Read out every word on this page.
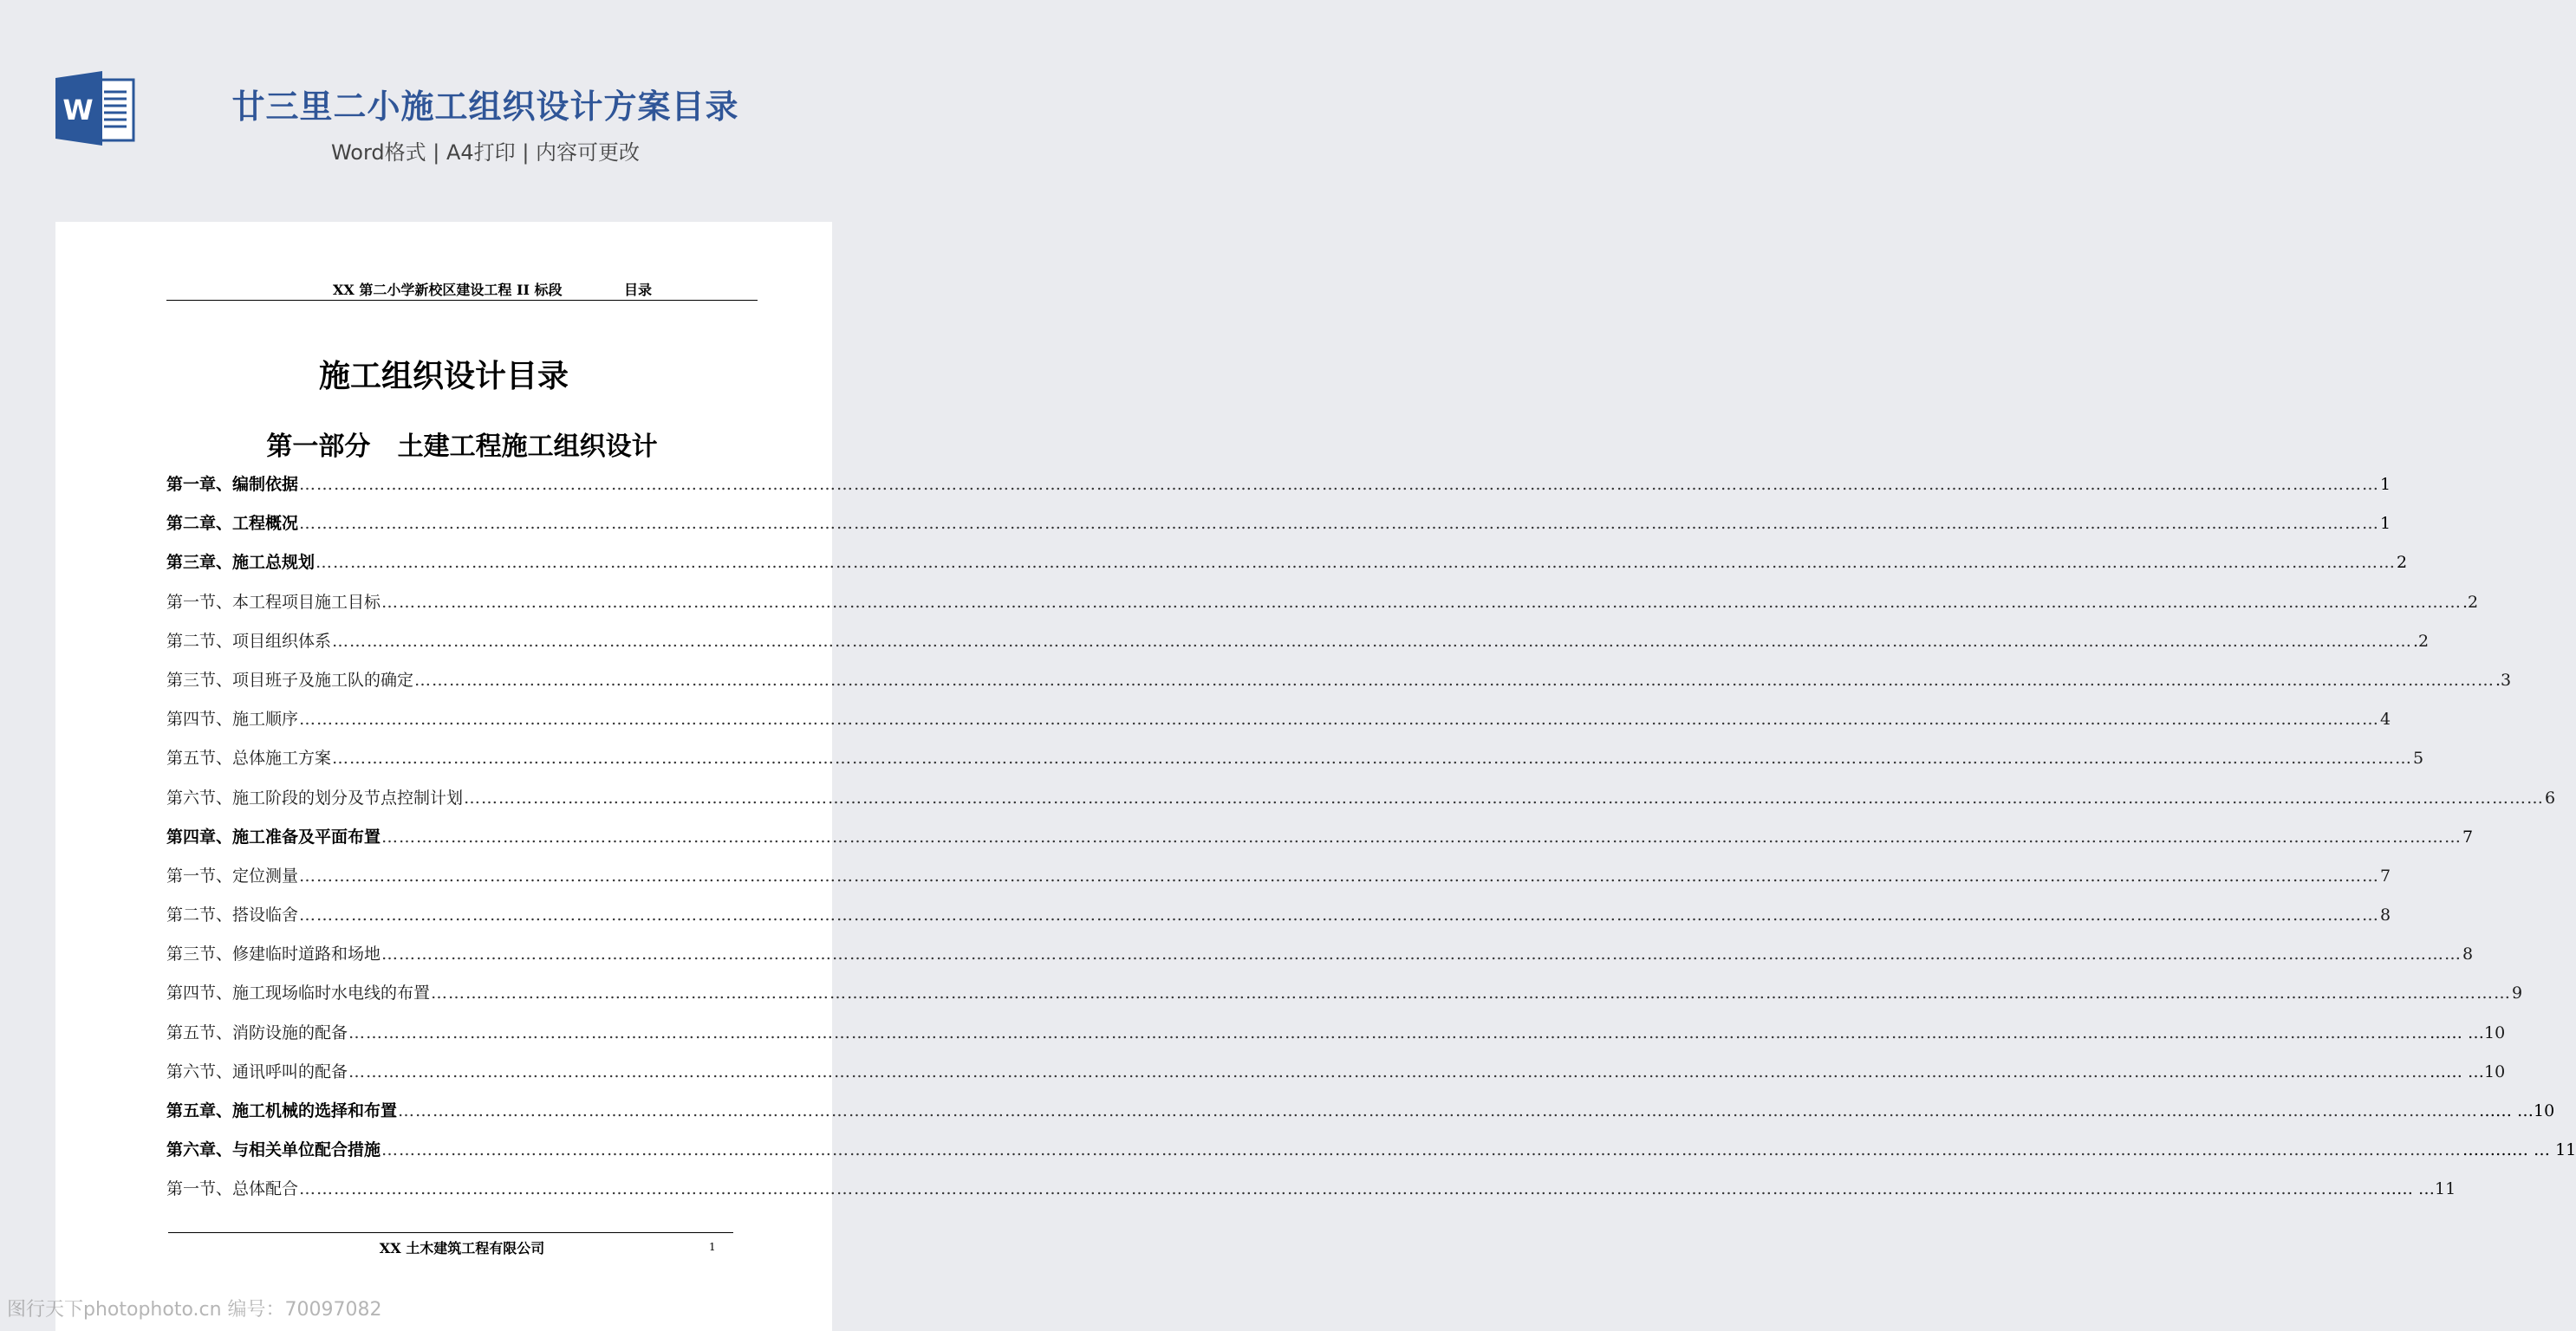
W	廿三里二小施工组织设计方案目录
Word格式 | A4打印 | 内容可更改
XX 第二小学新校区建设工程 II 标段	目录
施工组织设计目录
第一部分   土建工程施工组织设计
第一章、编制依据 ……………………………………………………………………………………………………………………………………………………………………………………………………………………………………………………………………………………………………………………………… 1
第二章、工程概况 ……………………………………………………………………………………………………………………………………………………………………………………………………………………………………………………………………………………………………………………………… 1
第三章、施工总规划 ……………………………………………………………………………………………………………………………………………………………………………………………………………………………………………………………………………………………………………………………… 2
第一节、本工程项目施工目标 ……………………………………………………………………………………………………………………………………………………………………………………………………………………………………………………………………………………………………………………………… .2
第二节、项目组织体系 ……………………………………………………………………………………………………………………………………………………………………………………………………………………………………………………………………………………………………………………………… .2
第三节、项目班子及施工队的确定 ……………………………………………………………………………………………………………………………………………………………………………………………………………………………………………………………………………………………………………………………… .3
第四节、施工顺序 ……………………………………………………………………………………………………………………………………………………………………………………………………………………………………………………………………………………………………………………………… 4
第五节、总体施工方案 ……………………………………………………………………………………………………………………………………………………………………………………………………………………………………………………………………………………………………………………………… 5
第六节、施工阶段的划分及节点控制计划 ……………………………………………………………………………………………………………………………………………………………………………………………………………………………………………………………………………………………………………………………… 6
第四章、施工准备及平面布置 ……………………………………………………………………………………………………………………………………………………………………………………………………………………………………………………………………………………………………………………………… 7
第一节、定位测量 ……………………………………………………………………………………………………………………………………………………………………………………………………………………………………………………………………………………………………………………………… 7
第二节、搭设临舍 ……………………………………………………………………………………………………………………………………………………………………………………………………………………………………………………………………………………………………………………………… 8
第三节、修建临时道路和场地 ……………………………………………………………………………………………………………………………………………………………………………………………………………………………………………………………………………………………………………………………… 8
第四节、施工现场临时水电线的布置 ……………………………………………………………………………………………………………………………………………………………………………………………………………………………………………………………………………………………………………………………… 9
第五节、消防设施的配备 ……………………………………………………………………………………………………………………………………………………………………………………………………………………………………………………………………………………………………………………………… …… …10
第六节、通讯呼叫的配备 ……………………………………………………………………………………………………………………………………………………………………………………………………………………………………………………………………………………………………………………………… …… …10
第五章、施工机械的选择和布置 ……………………………………………………………………………………………………………………………………………………………………………………………………………………………………………………………………………………………………………………………… …… …10
第六章、与相关单位配合措施 ……………………………………………………………………………………………………………………………………………………………………………………………………………………………………………………………………………………………………………………………… ………… … 11
第一节、总体配合 ……………………………………………………………………………………………………………………………………………………………………………………………………………………………………………………………………………………………………………………………… …… …11
XX 土木建筑工程有限公司	1
图行天下photophoto.cn 编号：70097082
